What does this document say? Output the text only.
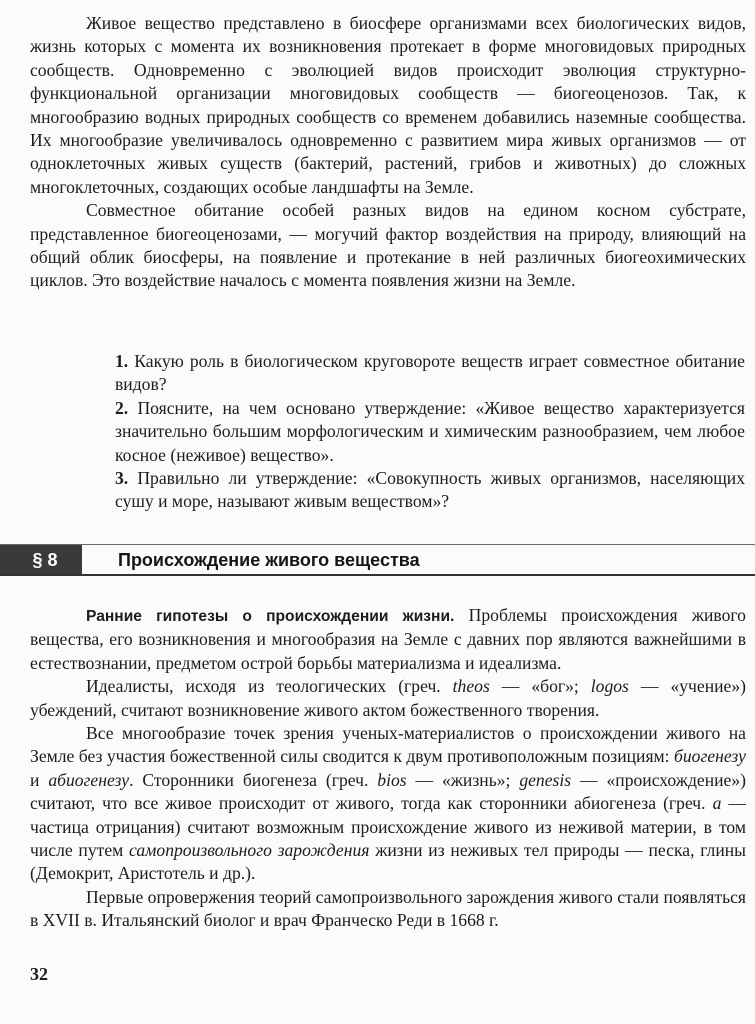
Живое вещество представлено в биосфере организмами всех биологических видов, жизнь которых с момента их возникновения протекает в форме многовидовых природных сообществ. Одновременно с эволюцией видов происходит эволюция структурно-функциональной организации многовидовых сообществ — биогеоценозов. Так, к многообразию водных природных сообществ со временем добавились наземные сообщества. Их многообразие увеличивалось одновременно с развитием мира живых организмов — от одноклеточных живых существ (бактерий, растений, грибов и животных) до сложных многоклеточных, создающих особые ландшафты на Земле.

Совместное обитание особей разных видов на едином косном субстрате, представленное биогеоценозами, — могучий фактор воздействия на природу, влияющий на общий облик биосферы, на появление и протекание в ней различных биогеохимических циклов. Это воздействие началось с момента появления жизни на Земле.

1. Какую роль в биологическом круговороте веществ играет совместное обитание видов?

2. Поясните, на чем основано утверждение: «Живое вещество характеризуется значительно большим морфологическим и химическим разнообразием, чем любое косное (неживое) вещество».

3. Правильно ли утверждение: «Совокупность живых организмов, населяющих сушу и море, называют живым веществом»?

§ 8	Происхождение живого вещества

Ранние гипотезы о происхождении жизни. Проблемы происхождения живого вещества, его возникновения и многообразия на Земле с давних пор являются важнейшими в естествознании, предметом острой борьбы материализма и идеализма.

Идеалисты, исходя из теологических (греч. theos — «бог»; logos — «учение») убеждений, считают возникновение живого актом божественного творения.

Все многообразие точек зрения ученых-материалистов о происхождении живого на Земле без участия божественной силы сводится к двум противоположным позициям: биогенезу и абиогенезу. Сторонники биогенеза (греч. bios — «жизнь»; genesis — «происхождение») считают, что все живое происходит от живого, тогда как сторонники абиогенеза (греч. а — частица отрицания) считают возможным происхождение живого из неживой материи, в том числе путем самопроизвольного зарождения жизни из неживых тел природы — песка, глины (Демокрит, Аристотель и др.).

Первые опровержения теорий самопроизвольного зарождения живого стали появляться в XVII в. Итальянский биолог и врач Франческо Реди в 1668 г.

32
